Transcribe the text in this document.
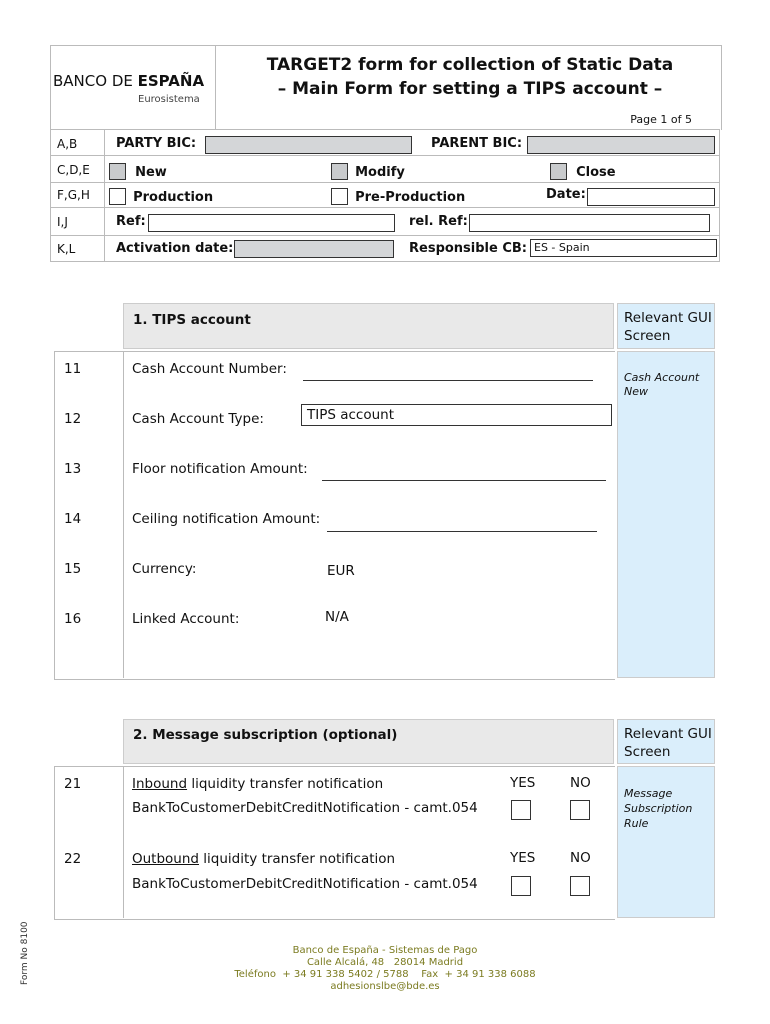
BANCO DE ESPAÑA
Eurosistema
TARGET2 form for collection of Static Data
– Main Form for setting a TIPS account –
Page 1 of 5
A,B	PARTY BIC:	PARENT BIC:
C,D,E	New	Modify	Close
F,G,H	Production	Pre-Production	Date:
I,J	Ref:	rel. Ref:
K,L	Activation date:	Responsible CB: ES - Spain
1. TIPS account	Relevant GUI Screen
Cash Account New
11	Cash Account Number:
12	Cash Account Type:	TIPS account
13	Floor notification Amount:
14	Ceiling notification Amount:
15	Currency:	EUR
16	Linked Account:	N/A
2. Message subscription (optional)	Relevant GUI Screen
Message Subscription Rule
21	Inbound liquidity transfer notification
BankToCustomerDebitCreditNotification - camt.054
YES	NO
22	Outbound liquidity transfer notification
BankToCustomerDebitCreditNotification - camt.054
YES	NO
Banco de España - Sistemas de Pago
Calle Alcalá, 48   28014 Madrid
Teléfono  + 34 91 338 5402 / 5788    Fax  + 34 91 338 6088
adhesionslbe@bde.es
Form No 8100
